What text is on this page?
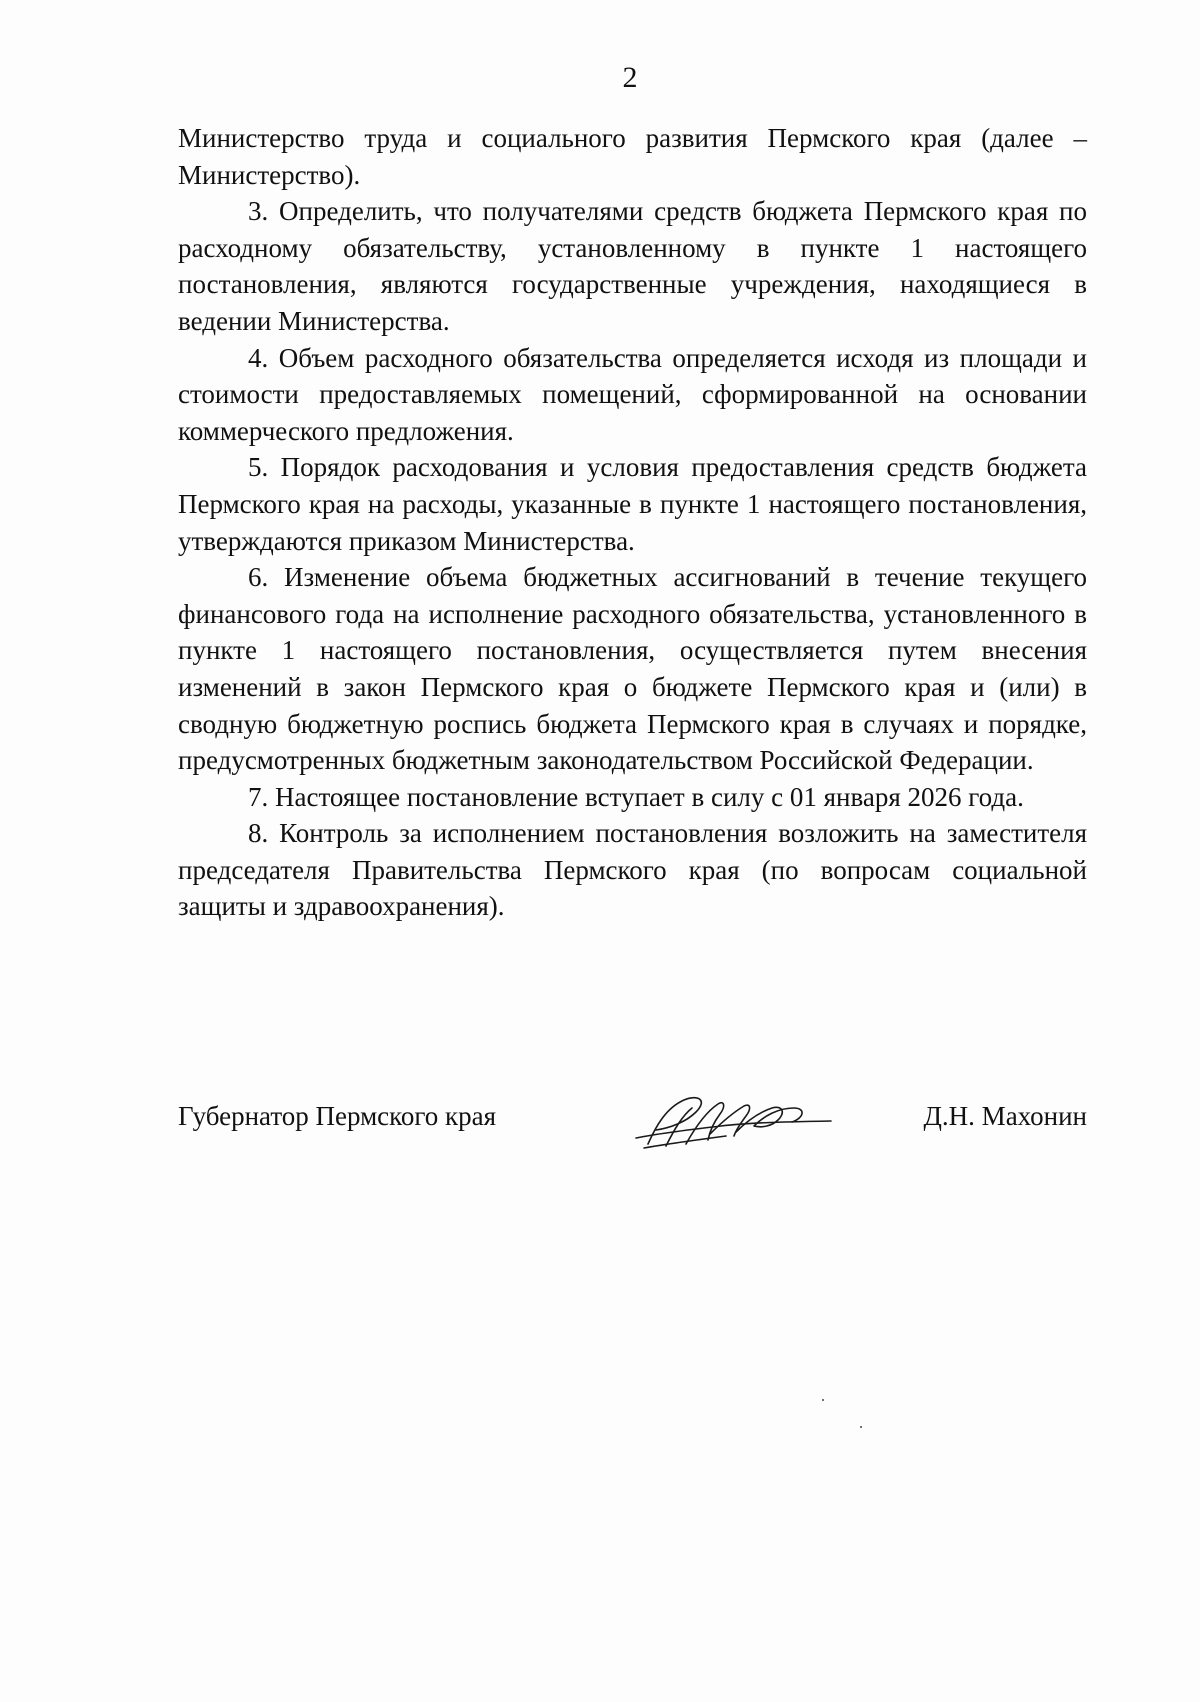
2

Министерство труда и социального развития Пермского края (далее – Министерство).

3. Определить, что получателями средств бюджета Пермского края по расходному обязательству, установленному в пункте 1 настоящего постановления, являются государственные учреждения, находящиеся в ведении Министерства.

4. Объем расходного обязательства определяется исходя из площади и стоимости предоставляемых помещений, сформированной на основании коммерческого предложения.

5. Порядок расходования и условия предоставления средств бюджета Пермского края на расходы, указанные в пункте 1 настоящего постановления, утверждаются приказом Министерства.

6. Изменение объема бюджетных ассигнований в течение текущего финансового года на исполнение расходного обязательства, установленного в пункте 1 настоящего постановления, осуществляется путем внесения изменений в закон Пермского края о бюджете Пермского края и (или) в сводную бюджетную роспись бюджета Пермского края в случаях и порядке, предусмотренных бюджетным законодательством Российской Федерации.

7. Настоящее постановление вступает в силу с 01 января 2026 года.

8. Контроль за исполнением постановления возложить на заместителя председателя Правительства Пермского края (по вопросам социальной защиты и здравоохранения).

Губернатор Пермского края	Д.Н. Махонин
